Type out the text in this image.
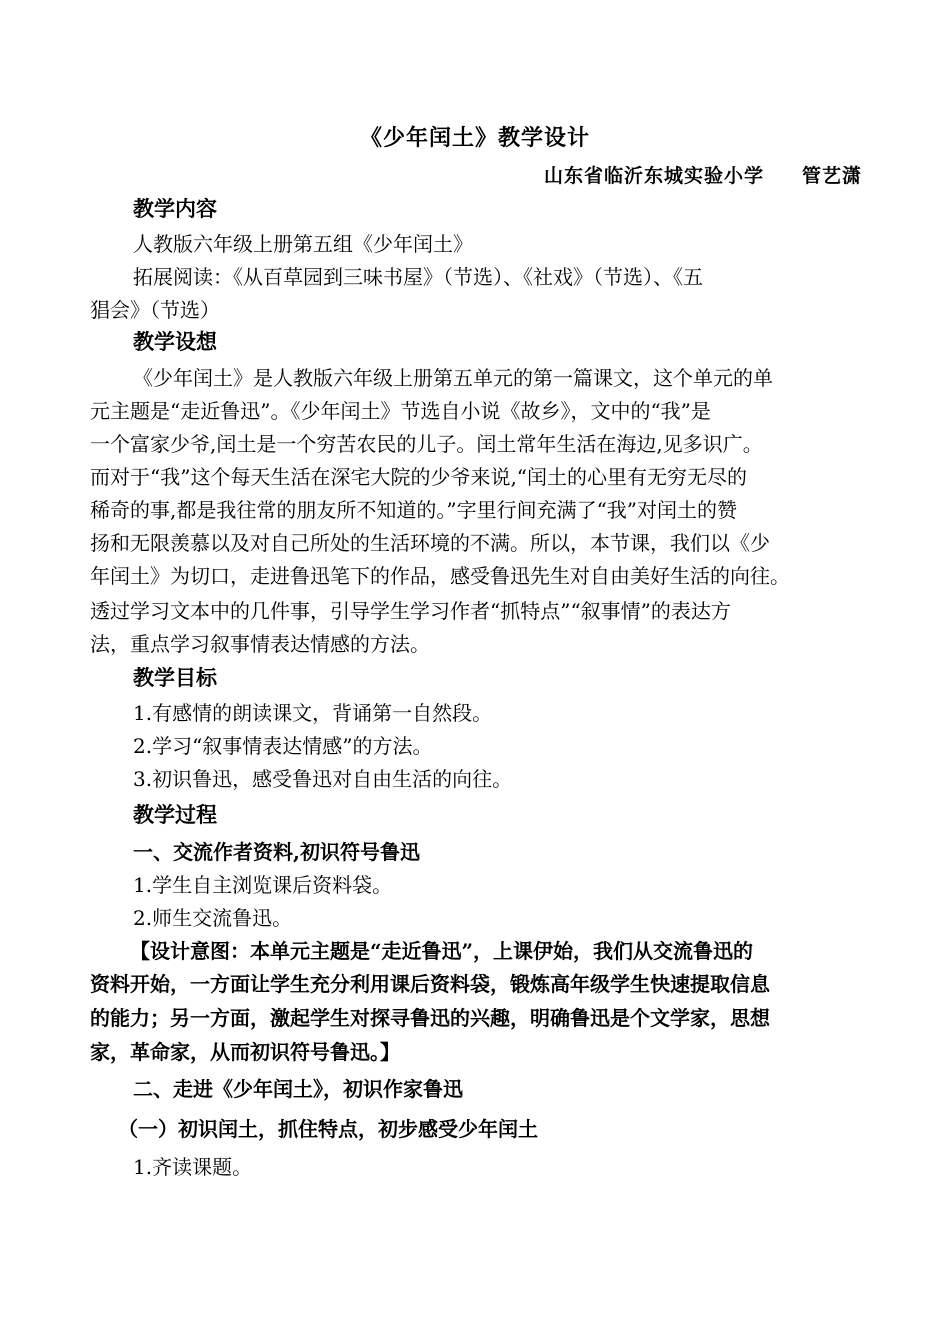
《少年闰土》教学设计
山东省临沂东城实验小学 管艺潇
教学内容
人教版六年级上册第五组《少年闰土》
拓展阅读：《从百草园到三味书屋》（节选）、《社戏》（节选）、《五
猖会》（节选）
教学设想
《少年闰土》是人教版六年级上册第五单元的第一篇课文，这个单元的单
元主题是“走近鲁迅”。《少年闰土》节选自小说《故乡》，文中的“我”是
一个富家少爷,闰土是一个穷苦农民的儿子。闰土常年生活在海边,见多识广。
而对于“我”这个每天生活在深宅大院的少爷来说,“闰土的心里有无穷无尽的
稀奇的事,都是我往常的朋友所不知道的。”字里行间充满了“我”对闰土的赞
扬和无限羡慕以及对自己所处的生活环境的不满。所以，本节课，我们以《少
年闰土》为切口，走进鲁迅笔下的作品，感受鲁迅先生对自由美好生活的向往。
透过学习文本中的几件事，引导学生学习作者“抓特点”“叙事情”的表达方
法，重点学习叙事情表达情感的方法。
教学目标
1.有感情的朗读课文，背诵第一自然段。
2.学习“叙事情表达情感”的方法。
3.初识鲁迅，感受鲁迅对自由生活的向往。
教学过程
一、交流作者资料,初识符号鲁迅
1.学生自主浏览课后资料袋。
2.师生交流鲁迅。
【设计意图：本单元主题是“走近鲁迅”，上课伊始，我们从交流鲁迅的
资料开始，一方面让学生充分利用课后资料袋，锻炼高年级学生快速提取信息
的能力；另一方面，激起学生对探寻鲁迅的兴趣，明确鲁迅是个文学家，思想
家，革命家，从而初识符号鲁迅。】
二、走进《少年闰土》，初识作家鲁迅
（一）初识闰土，抓住特点，初步感受少年闰土
1.齐读课题。
